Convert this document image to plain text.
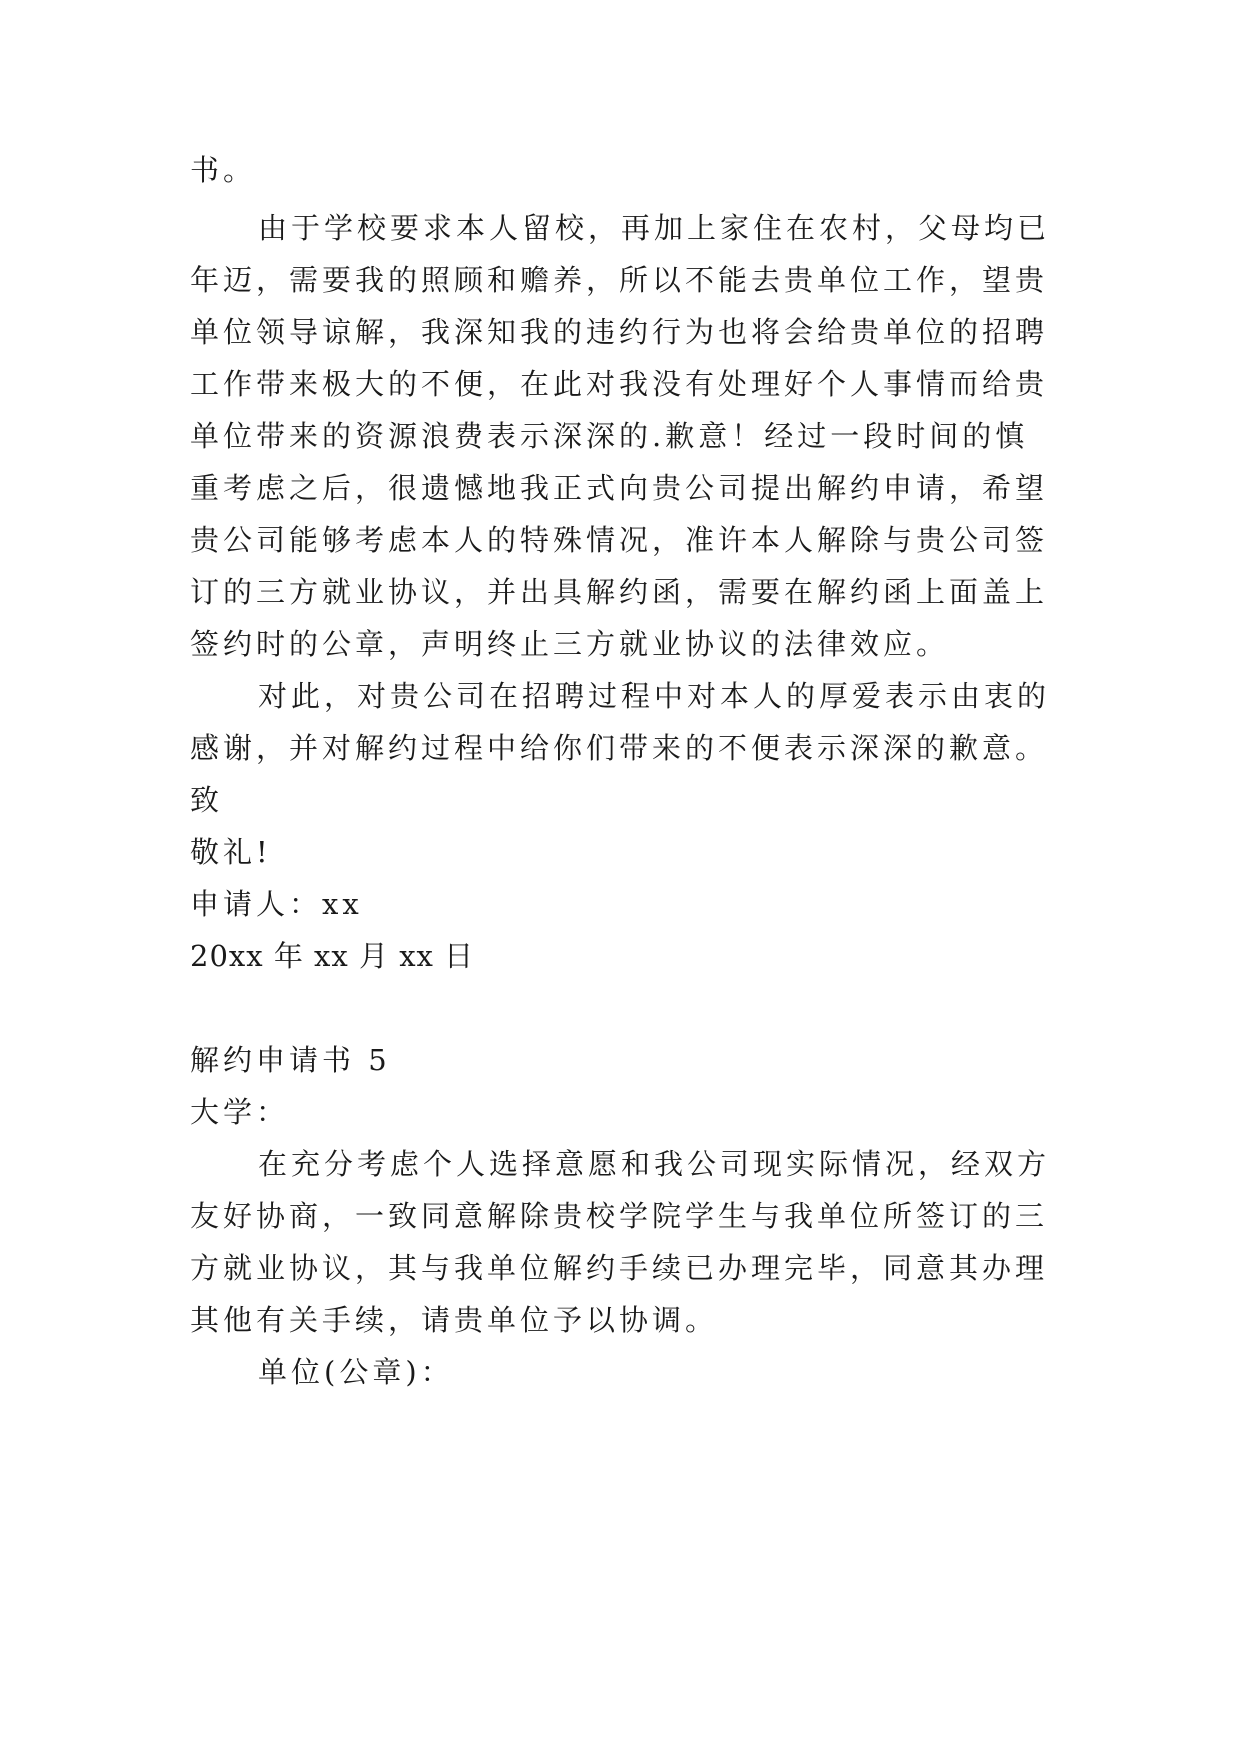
书。
由于学校要求本人留校，再加上家住在农村，父母均已
年迈，需要我的照顾和赡养，所以不能去贵单位工作，望贵
单位领导谅解，我深知我的违约行为也将会给贵单位的招聘
工作带来极大的不便，在此对我没有处理好个人事情而给贵
单位带来的资源浪费表示深深的.歉意！经过一段时间的慎
重考虑之后，很遗憾地我正式向贵公司提出解约申请，希望
贵公司能够考虑本人的特殊情况，准许本人解除与贵公司签
订的三方就业协议，并出具解约函，需要在解约函上面盖上
签约时的公章，声明终止三方就业协议的法律效应。
对此，对贵公司在招聘过程中对本人的厚爱表示由衷的
感谢，并对解约过程中给你们带来的不便表示深深的歉意。
致
敬礼!
申请人：xx
20xx 年 xx 月 xx 日
解约申请书 5
大学：
在充分考虑个人选择意愿和我公司现实际情况，经双方
友好协商，一致同意解除贵校学院学生与我单位所签订的三
方就业协议，其与我单位解约手续已办理完毕，同意其办理
其他有关手续，请贵单位予以协调。
单位(公章)：
